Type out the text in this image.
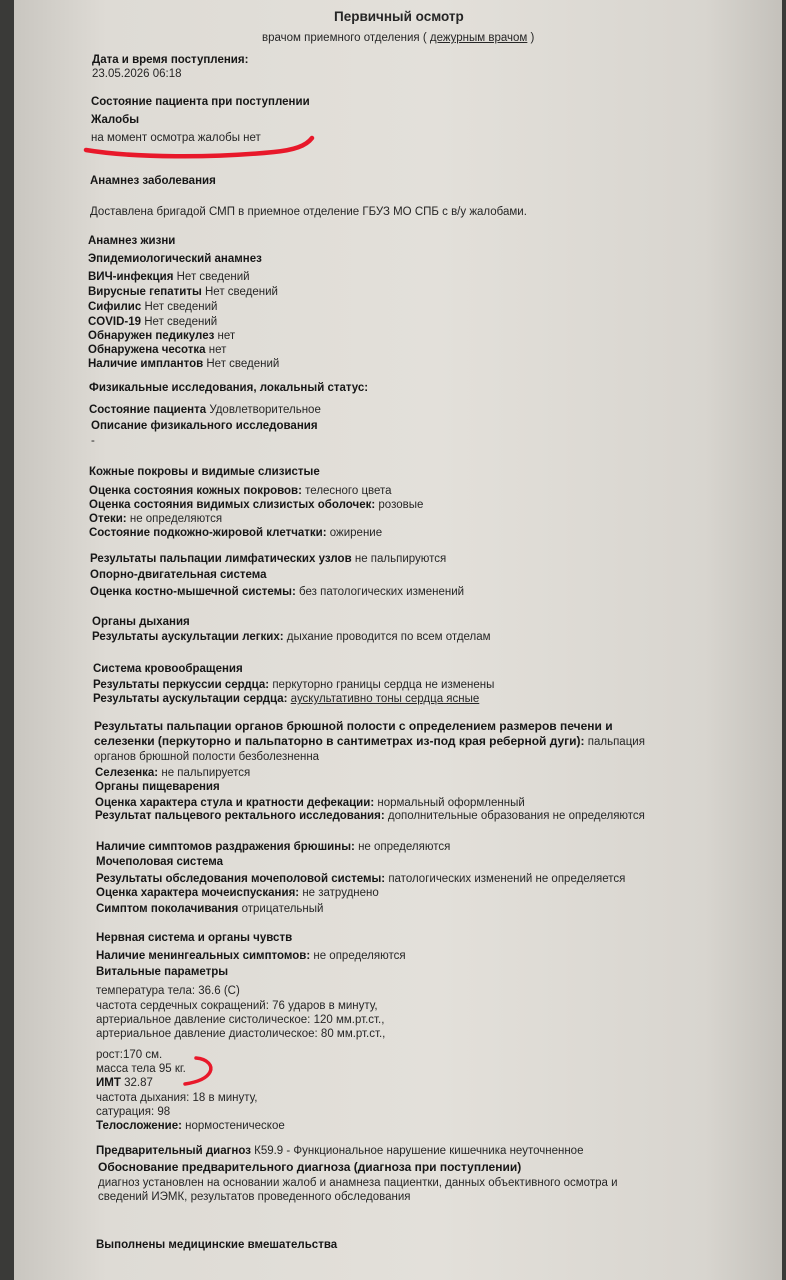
Первичный осмотр
врачом приемного отделения ( дежурным врачом )
Дата и время поступления:
23.05.2026 06:18
Состояние пациента при поступлении
Жалобы
на момент осмотра жалобы нет
Анамнез заболевания
Доставлена бригадой СМП в приемное отделение ГБУЗ МО СПБ с в/у жалобами.
Анамнез жизни
Эпидемиологический анамнез
ВИЧ-инфекция Нет сведений
Вирусные гепатиты Нет сведений
Сифилис Нет сведений
COVID-19 Нет сведений
Обнаружен педикулез нет
Обнаружена чесотка нет
Наличие имплантов Нет сведений
Физикальные исследования, локальный статус:
Состояние пациента Удовлетворительное
Описание физикального исследования
-
Кожные покровы и видимые слизистые
Оценка состояния кожных покровов: телесного цвета
Оценка состояния видимых слизистых оболочек: розовые
Отеки: не определяются
Состояние подкожно-жировой клетчатки: ожирение
Результаты пальпации лимфатических узлов не пальпируются
Опорно-двигательная система
Оценка костно-мышечной системы: без патологических изменений
Органы дыхания
Результаты аускультации легких: дыхание проводится по всем отделам
Система кровообращения
Результаты перкуссии сердца: перкуторно границы сердца не изменены
Результаты аускультации сердца: аускультативно тоны сердца ясные
Результаты пальпации органов брюшной полости с определением размеров печени и
селезенки (перкуторно и пальпаторно в сантиметрах из-под края реберной дуги): пальпация
органов брюшной полости безболезненна
Селезенка: не пальпируется
Органы пищеварения
Оценка характера стула и кратности дефекации: нормальный оформленный
Результат пальцевого ректального исследования: дополнительные образования не определяются
Наличие симптомов раздражения брюшины: не определяются
Мочеполовая система
Результаты обследования мочеполовой системы: патологических изменений не определяется
Оценка характера мочеиспускания: не затруднено
Симптом поколачивания отрицательный
Нервная система и органы чувств
Наличие менингеальных симптомов: не определяются
Витальные параметры
температура тела: 36.6 (С)
частота сердечных сокращений: 76 ударов в минуту,
артериальное давление систолическое: 120 мм.рт.ст.,
артериальное давление диастолическое: 80 мм.рт.ст.,
рост:170 см.
масса тела 95 кг.
ИМТ 32.87
частота дыхания: 18 в минуту,
сатурация: 98
Телосложение: нормостеническое
Предварительный диагноз К59.9 - Функциональное нарушение кишечника неуточненное
Обоснование предварительного диагноза (диагноза при поступлении)
диагноз установлен на основании жалоб и анамнеза пациентки, данных объективного осмотра и
сведений ИЭМК, результатов проведенного обследования
Выполнены медицинские вмешательства
